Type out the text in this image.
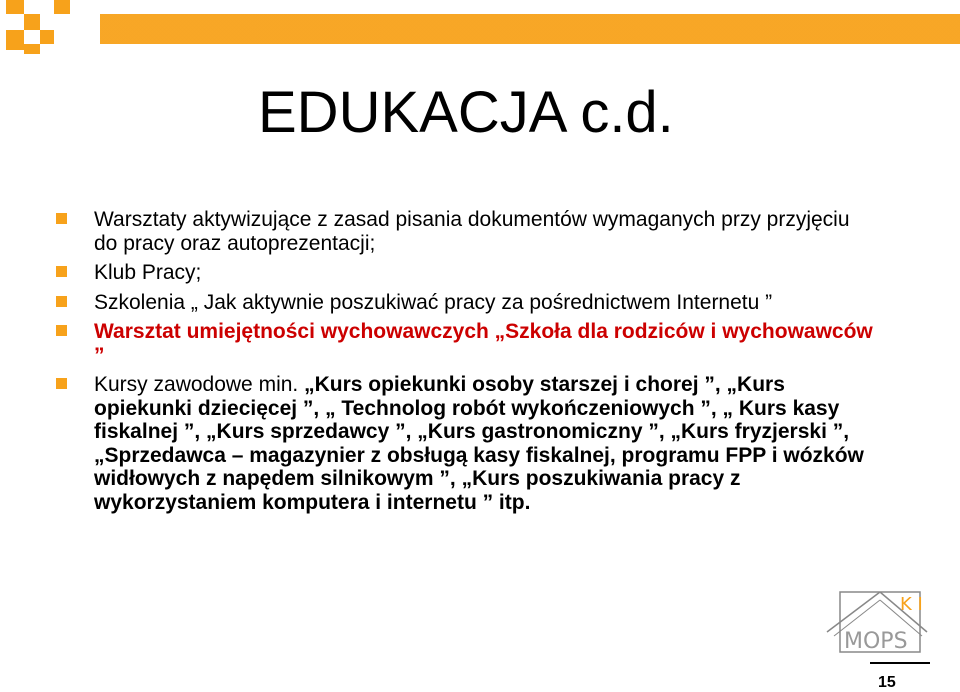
EDUKACJA c.d.
Warsztaty aktywizujące z zasad pisania dokumentów wymaganych przy przyjęciu do pracy oraz autoprezentacji;
Klub Pracy;
Szkolenia „ Jak aktywnie poszukiwać pracy za pośrednictwem Internetu ”
Warsztat umiejętności wychowawczych „Szkoła dla rodziców i wychowawców ”
Kursy zawodowe min. „Kurs opiekunki osoby starszej i chorej ”, „Kurs opiekunki dziecięcej ”, „ Technolog robót wykończeniowych ”, „ Kurs kasy fiskalnej ”, „Kurs sprzedawcy ”, „Kurs gastronomiczny ”, „Kurs fryzjerski ”, „Sprzedawca – magazynier z obsługą kasy fiskalnej, programu FPP i wózków widłowych z napędem silnikowym ”, „Kurs poszukiwania pracy z wykorzystaniem komputera i internetu ” itp.
K I
MOPS
15
